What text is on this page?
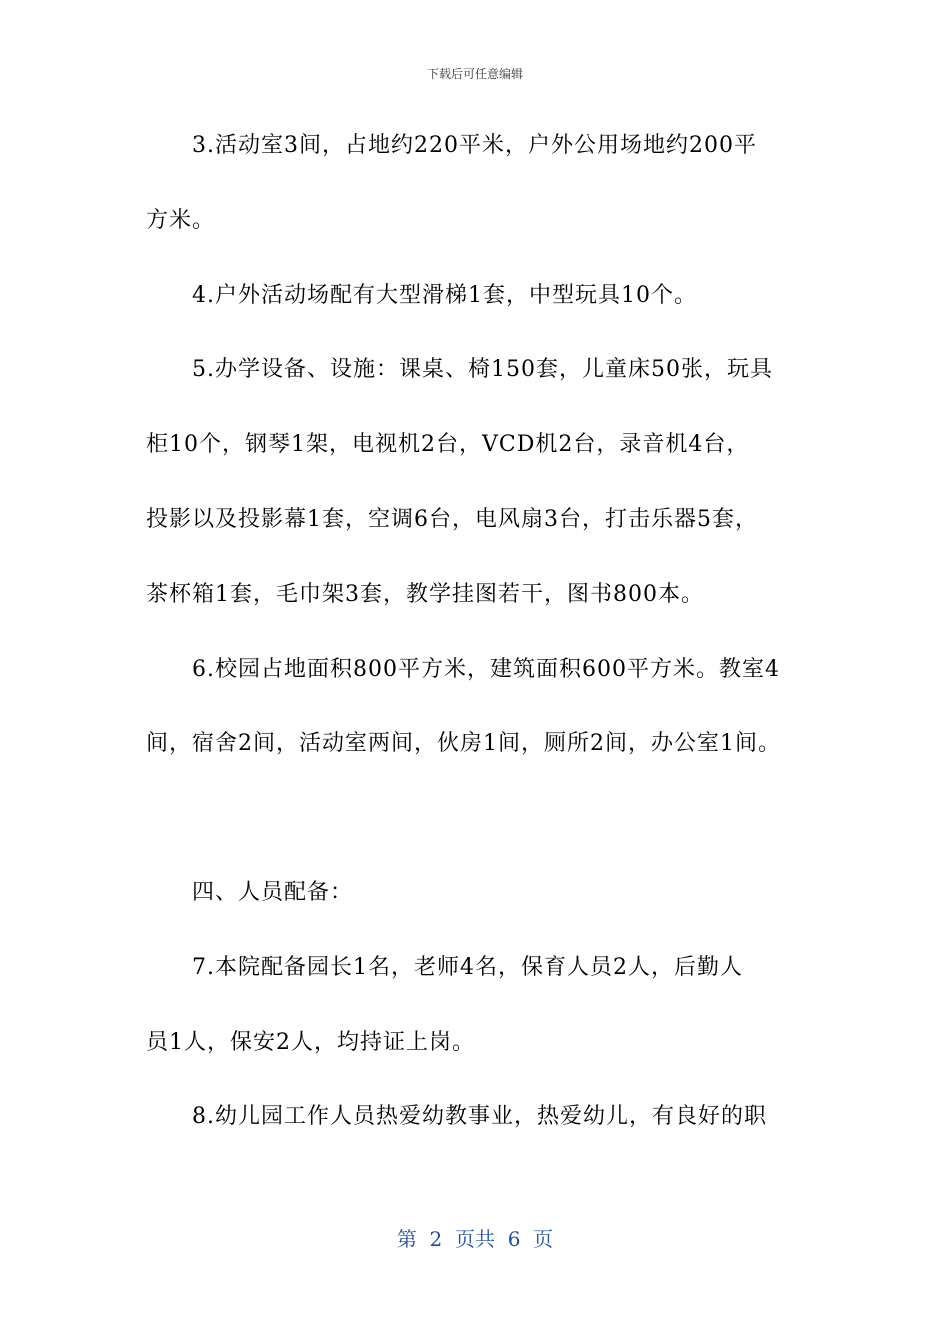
下载后可任意编辑
3.活动室3间，占地约220平米，户外公用场地约200平
方米。
4.户外活动场配有大型滑梯1套，中型玩具10个。
5.办学设备、设施：课桌、椅150套，儿童床50张，玩具
柜10个，钢琴1架，电视机2台，VCD机2台，录音机4台，
投影以及投影幕1套，空调6台，电风扇3台，打击乐器5套，
茶杯箱1套，毛巾架3套，教学挂图若干，图书800本。
6.校园占地面积800平方米，建筑面积600平方米。教室4
间，宿舍2间，活动室两间，伙房1间，厕所2间，办公室1间。
四、人员配备：
7.本院配备园长1名，老师4名，保育人员2人，后勤人
员1人，保安2人，均持证上岗。
8.幼儿园工作人员热爱幼教事业，热爱幼儿，有良好的职
第  2  页共  6  页
